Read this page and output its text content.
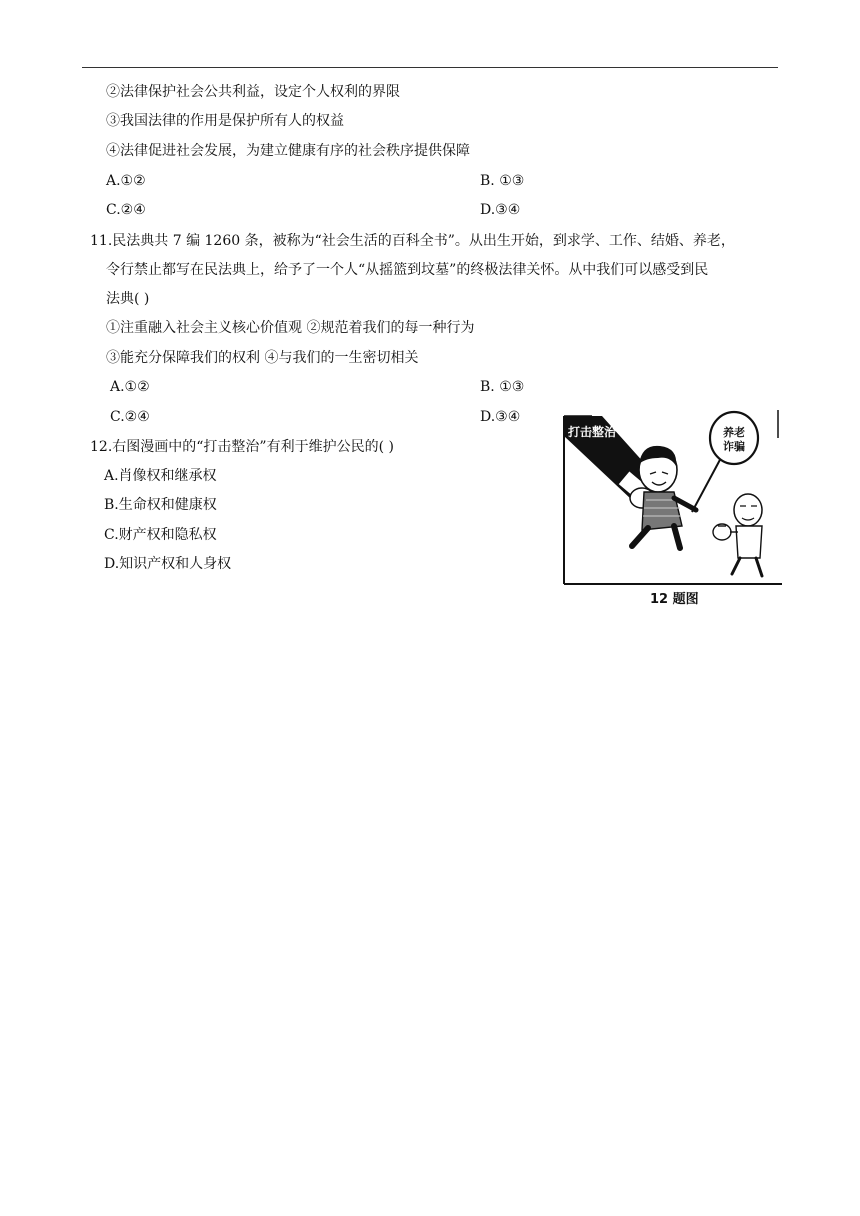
②法律保护社会公共利益，设定个人权利的界限
③我国法律的作用是保护所有人的权益
④法律促进社会发展，为建立健康有序的社会秩序提供保障
A.①②	B. ①③
C.②④	D.③④
11.民法典共 7 编 1260 条，被称为“社会生活的百科全书”。从出生开始，到求学、工作、结婚、养老，
令行禁止都写在民法典上，给予了一个人“从摇篮到坟墓”的终极法律关怀。从中我们可以感受到民
法典( )
①注重融入社会主义核心价值观 ②规范着我们的每一种行为
③能充分保障我们的权利 ④与我们的一生密切相关
A.①②	B. ①③
C.②④	D.③④
12.右图漫画中的“打击整治”有利于维护公民的( )
A.肖像权和继承权
B.生命权和健康权
C.财产权和隐私权
D.知识产权和人身权
养老
诈骗
打击整治
12 题图
